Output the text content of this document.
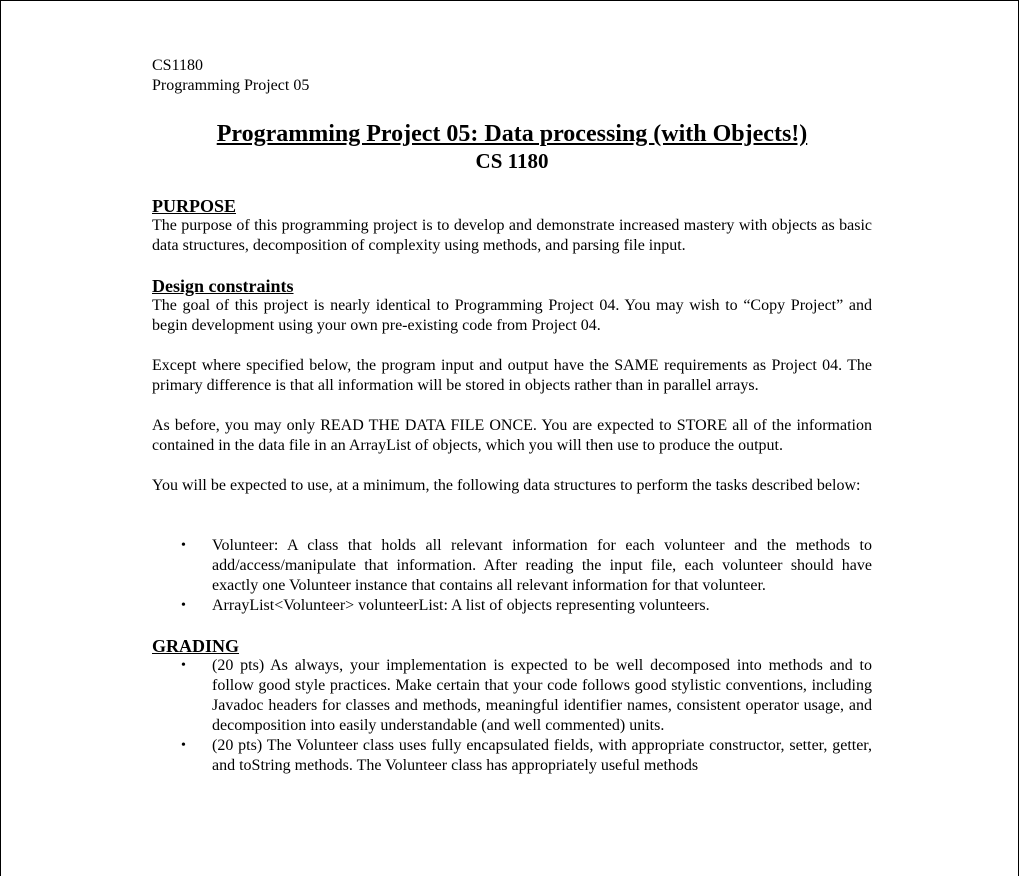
CS1180
Programming Project 05
Programming Project 05: Data processing (with Objects!)
CS 1180
PURPOSE

The purpose of this programming project is to develop and demonstrate increased mastery with objects as basic data structures, decomposition of complexity using methods, and parsing file input.

Design constraints

The goal of this project is nearly identical to Programming Project 04. You may wish to “Copy Project” and begin development using your own pre-existing code from Project 04.

Except where specified below, the program input and output have the SAME requirements as Project 04. The primary difference is that all information will be stored in objects rather than in parallel arrays.

As before, you may only READ THE DATA FILE ONCE. You are expected to STORE all of the information contained in the data file in an ArrayList of objects, which you will then use to produce the output.

You will be expected to use, at a minimum, the following data structures to perform the tasks described below:

• Volunteer: A class that holds all relevant information for each volunteer and the methods to add/access/manipulate that information. After reading the input file, each volunteer should have exactly one Volunteer instance that contains all relevant information for that volunteer.
• ArrayList<Volunteer> volunteerList: A list of objects representing volunteers.
GRADING
• (20 pts) As always, your implementation is expected to be well decomposed into methods and to follow good style practices. Make certain that your code follows good stylistic conventions, including Javadoc headers for classes and methods, meaningful identifier names, consistent operator usage, and decomposition into easily understandable (and well commented) units.
• (20 pts) The Volunteer class uses fully encapsulated fields, with appropriate constructor, setter, getter, and toString methods. The Volunteer class has appropriately useful methods
